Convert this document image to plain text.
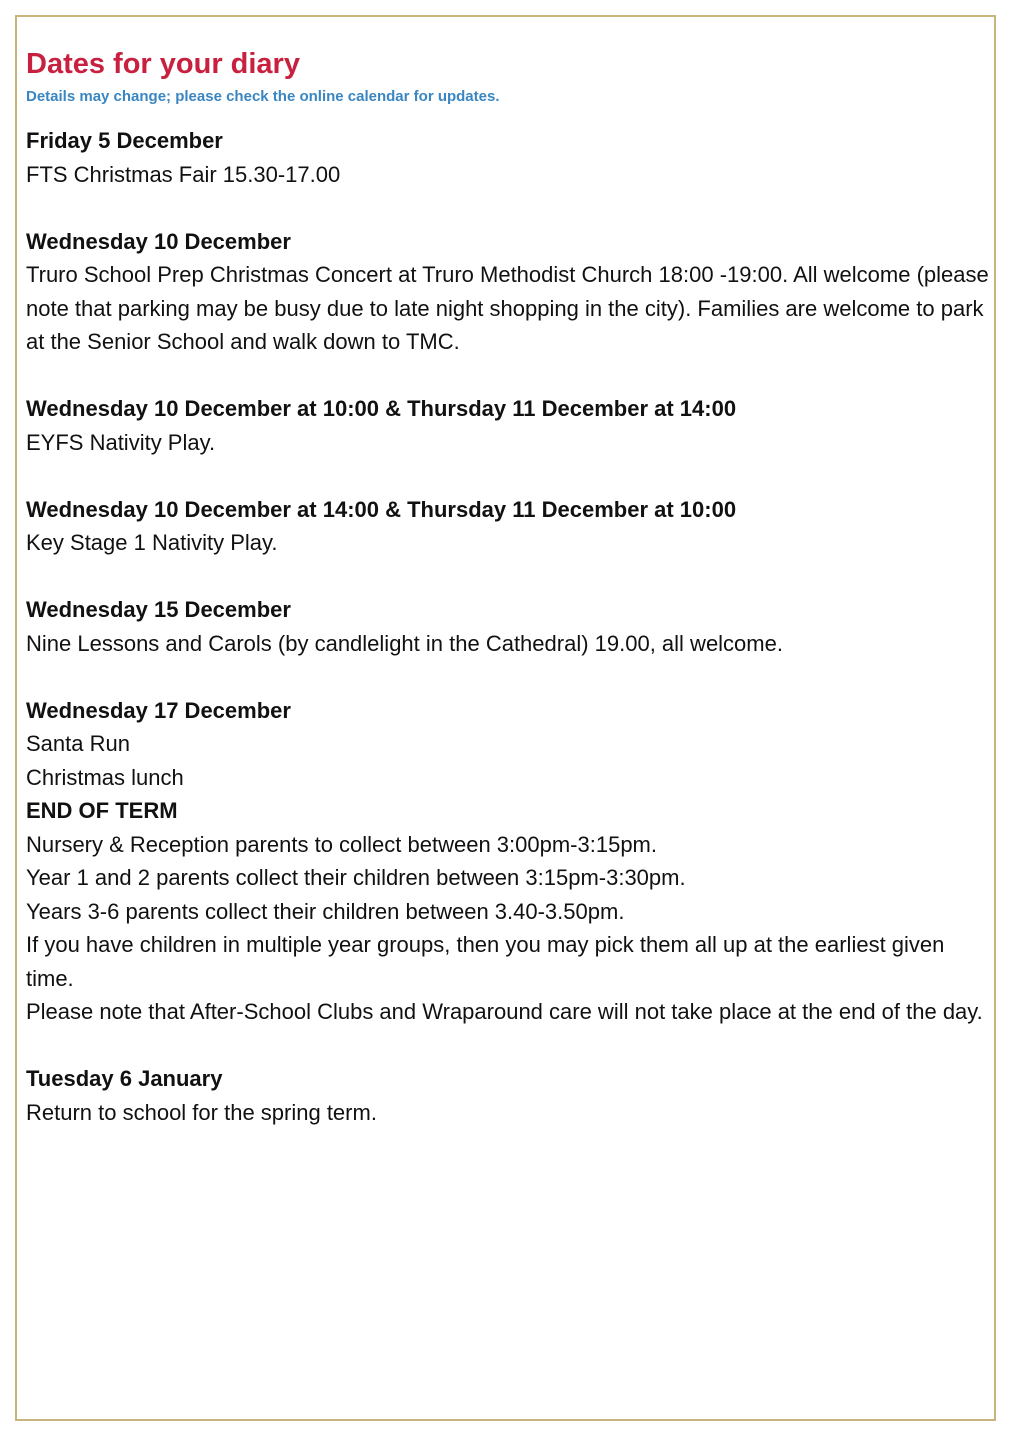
Dates for your diary
Details may change; please check the online calendar for updates.
Friday 5 December
FTS Christmas Fair 15.30-17.00
Wednesday 10 December
Truro School Prep Christmas Concert at Truro Methodist Church 18:00 -19:00. All welcome (please note that parking may be busy due to late night shopping in the city). Families are welcome to park at the Senior School and walk down to TMC.
Wednesday 10 December at 10:00 & Thursday 11 December at 14:00
EYFS Nativity Play.
Wednesday 10 December at 14:00 & Thursday 11 December at 10:00
Key Stage 1 Nativity Play.
Wednesday 15 December
Nine Lessons and Carols (by candlelight in the Cathedral) 19.00, all welcome.
Wednesday 17 December
Santa Run
Christmas lunch
END OF TERM
Nursery & Reception parents to collect between 3:00pm-3:15pm.
Year 1 and 2 parents collect their children between 3:15pm-3:30pm.
Years 3-6 parents collect their children between 3.40-3.50pm.
If you have children in multiple year groups, then you may pick them all up at the earliest given time.
Please note that After-School Clubs and Wraparound care will not take place at the end of the day.
Tuesday 6 January
Return to school for the spring term.
